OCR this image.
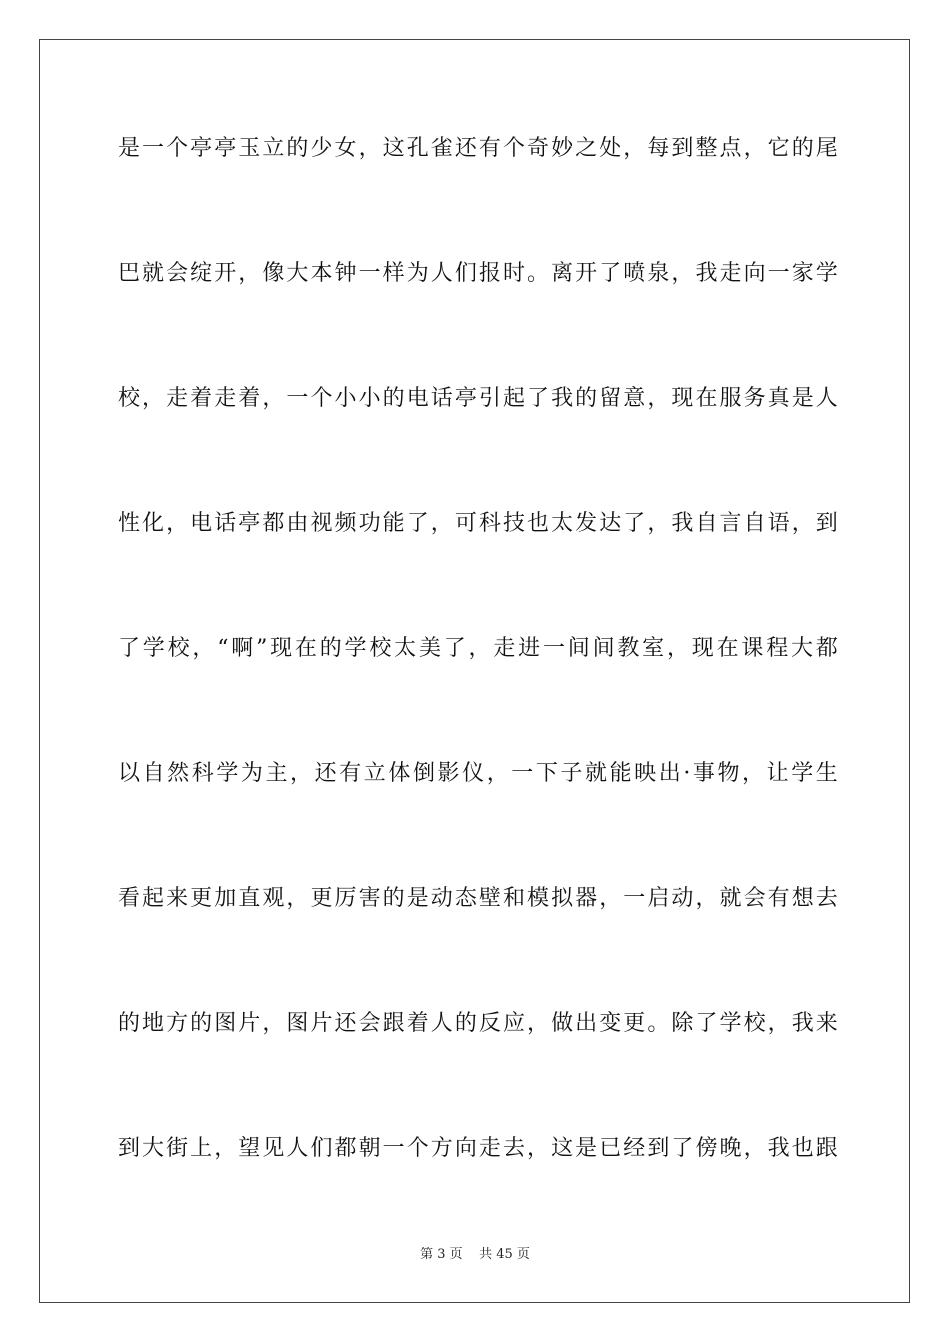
是一个亭亭玉立的少女，这孔雀还有个奇妙之处，每到整点，它的尾
巴就会绽开，像大本钟一样为人们报时。离开了喷泉，我走向一家学
校，走着走着，一个小小的电话亭引起了我的留意，现在服务真是人
性化，电话亭都由视频功能了，可科技也太发达了，我自言自语，到
了学校，“啊”现在的学校太美了，走进一间间教室，现在课程大都
以自然科学为主，还有立体倒影仪，一下子就能映出·事物，让学生
看起来更加直观，更厉害的是动态壁和模拟器，一启动，就会有想去
的地方的图片，图片还会跟着人的反应，做出变更。除了学校，我来
到大街上，望见人们都朝一个方向走去，这是已经到了傍晚，我也跟
第 3 页    共 45 页
